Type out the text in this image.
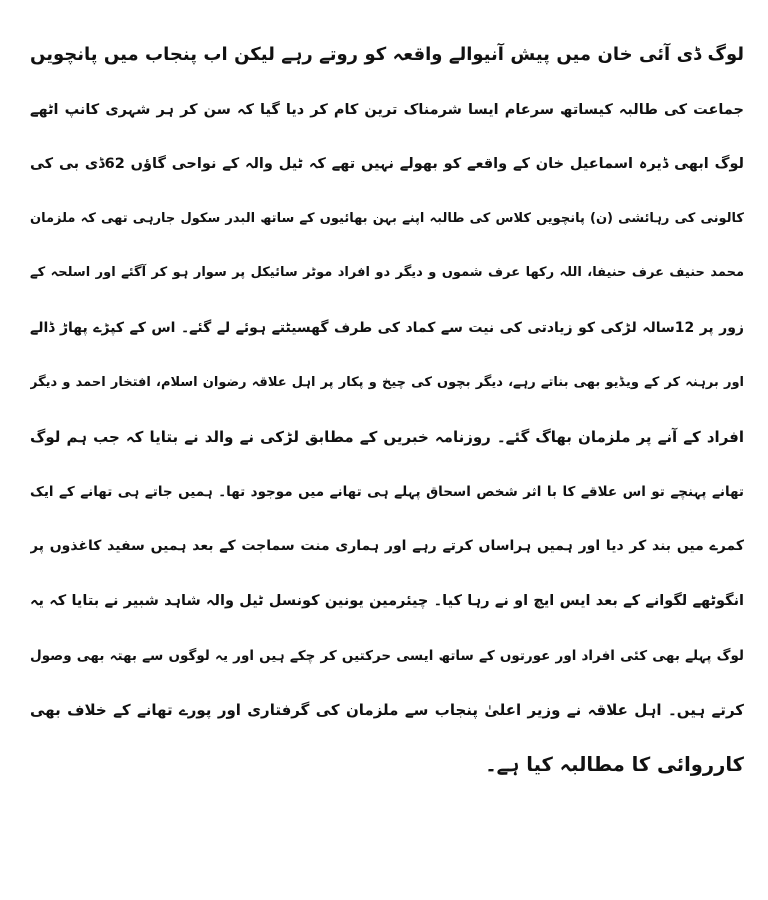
لوگ ڈی آئی خان میں پیش آنیوالے واقعہ کو روتے رہے لیکن اب پنجاب میں پانچویں
جماعت کی طالبہ کیساتھ سرعام ایسا شرمناک ترین کام کر دیا گیا کہ سن کر ہر شہری کانپ اٹھے
لوگ ابھی ڈیرہ اسماعیل خان کے واقعے کو بھولے نہیں تھے کہ ٹیل والہ کے نواحی گاؤں 62ڈی بی کی
کالونی کی رہائشی (ن) پانچویں کلاس کی طالبہ اپنے بہن بھائیوں کے ساتھ البدر سکول جارہی تھی کہ ملزمان
محمد حنیف عرف حنیفا، اللہ رکھا عرف شموں و دیگر دو افراد موٹر سائیکل پر سوار ہو کر آگئے اور اسلحہ کے
زور پر 12سالہ لڑکی کو زیادتی کی نیت سے کماد کی طرف گھسیٹتے ہوئے لے گئے۔ اس کے کپڑے پھاڑ ڈالے
اور برہنہ کر کے ویڈیو بھی بناتے رہے، دیگر بچوں کی چیخ و پکار پر اہل علاقہ رضوان اسلام، افتخار احمد و دیگر
افراد کے آنے پر ملزمان بھاگ گئے۔ روزنامہ خبریں کے مطابق لڑکی نے والد نے بتایا کہ جب ہم لوگ
تھانے پہنچے تو اس علاقے کا با اثر شخص اسحاق پہلے ہی تھانے میں موجود تھا۔ ہمیں جاتے ہی تھانے کے ایک
کمرے میں بند کر دیا اور ہمیں ہراساں کرتے رہے اور ہماری منت سماجت کے بعد ہمیں سفید کاغذوں پر
انگوٹھے لگوانے کے بعد ایس ایچ او نے رہا کیا۔ چیئرمین یونین کونسل ٹیل والہ شاہد شبیر نے بتایا کہ یہ
لوگ پہلے بھی کئی افراد اور عورتوں کے ساتھ ایسی حرکتیں کر چکے ہیں اور یہ لوگوں سے بھتہ بھی وصول
کرتے ہیں۔ اہل علاقہ نے وزیر اعلیٰ پنجاب سے ملزمان کی گرفتاری اور پورے تھانے کے خلاف بھی
کارروائی کا مطالبہ کیا ہے۔
